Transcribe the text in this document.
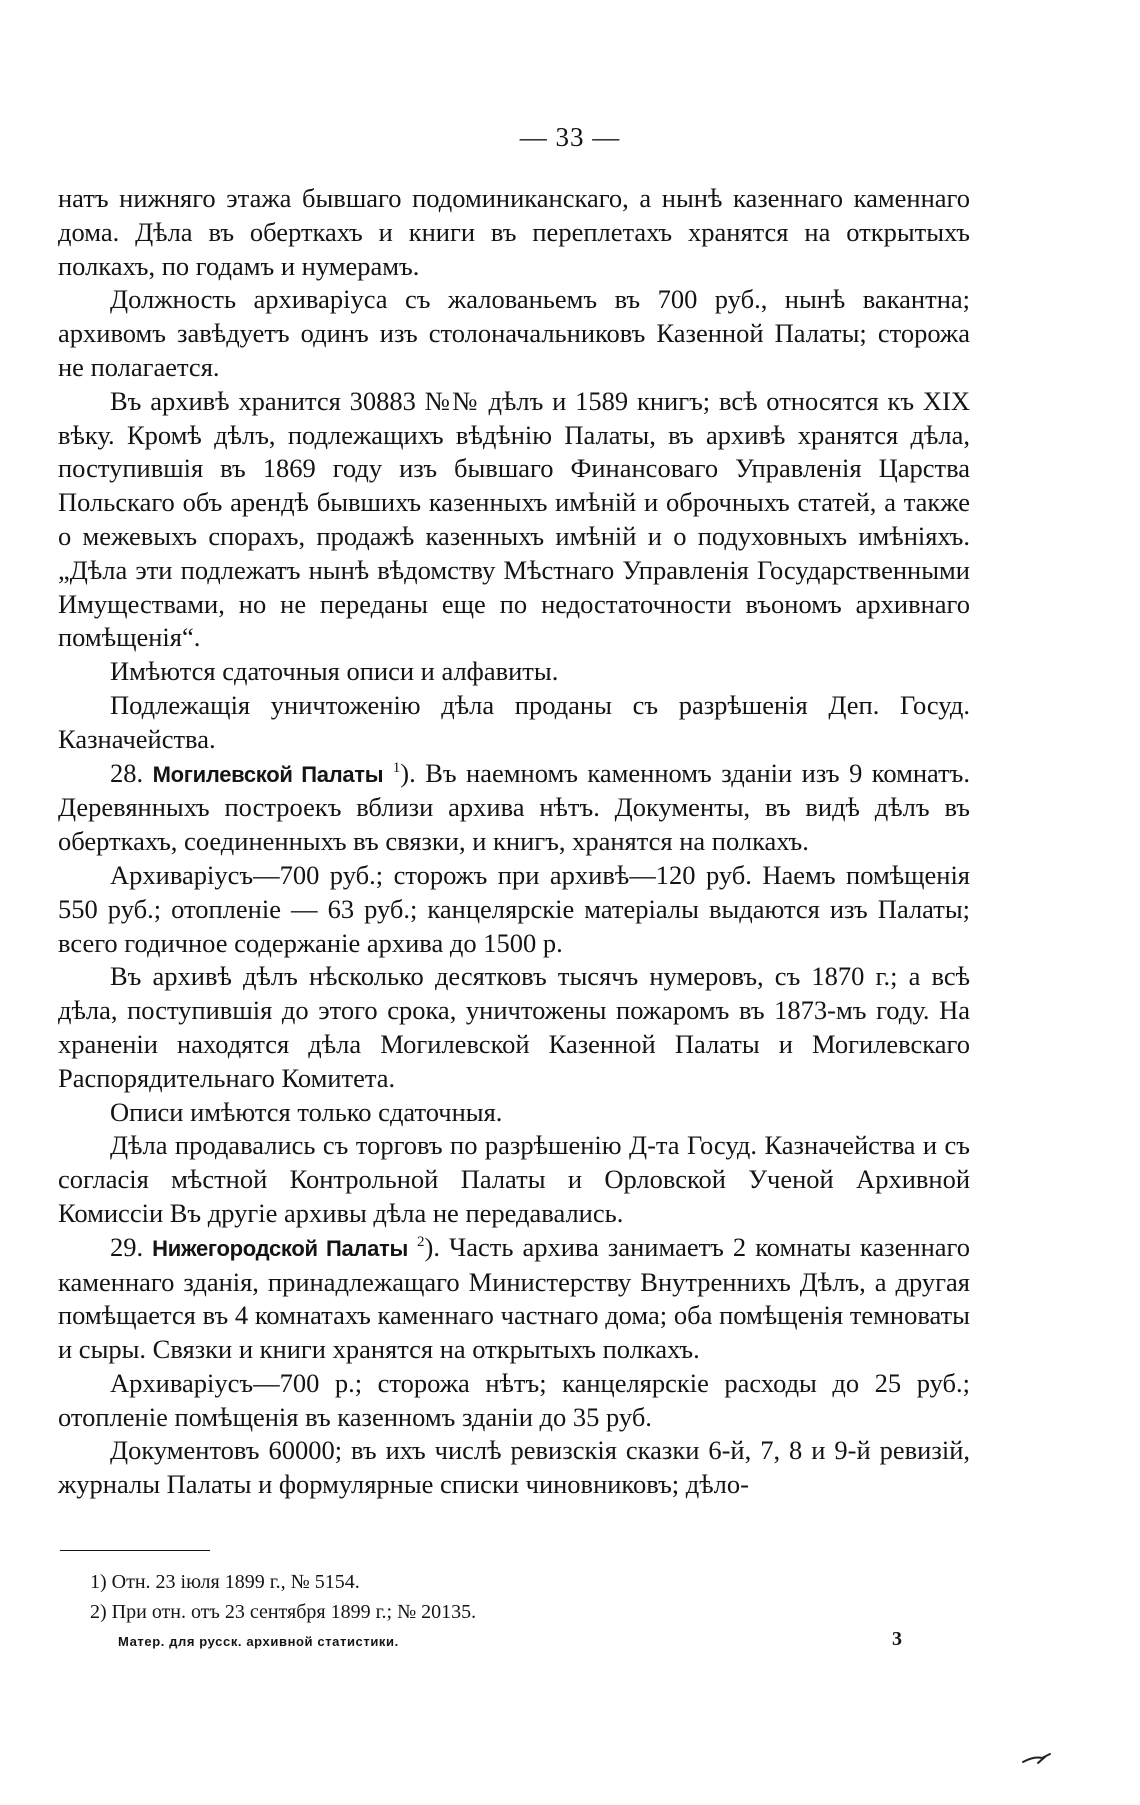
— 33 —

натъ нижняго этажа бывшаго подоминиканскаго, а нынѣ казеннаго каменнаго дома. Дѣла въ оберткахъ и книги въ переплетахъ хранятся на открытыхъ полкахъ, по годамъ и нумерамъ.

Должность архиваріуса съ жалованьемъ въ 700 руб., нынѣ вакантна; архивомъ завѣдуетъ одинъ изъ столоначальниковъ Казенной Палаты; сторожа не полагается.

Въ архивѣ хранится 30883 №№ дѣлъ и 1589 книгъ; всѣ относятся къ XIX вѣку. Кромѣ дѣлъ, подлежащихъ вѣдѣнію Палаты, въ архивѣ хранятся дѣла, поступившія въ 1869 году изъ бывшаго Финансоваго Управленія Царства Польскаго объ арендѣ бывшихъ казенныхъ имѣній и оброчныхъ статей, а также о межевыхъ спорахъ, продажѣ казенныхъ имѣній и о подуховныхъ имѣніяхъ. „Дѣла эти подлежатъ нынѣ вѣдомству Мѣстнаго Управленія Государственными Имуществами, но не переданы еще по недостаточности въономъ архивнаго помѣщенія“.

Имѣются сдаточныя описи и алфавиты.

Подлежащія уничтоженію дѣла проданы съ разрѣшенія Деп. Госуд. Казначейства.

28. Могилевской Палаты $^1$). Въ наемномъ каменномъ зданіи изъ 9 комнатъ. Деревянныхъ построекъ вблизи архива нѣтъ. Документы, въ видѣ дѣлъ въ оберткахъ, соединенныхъ въ связки, и книгъ, хранятся на полкахъ.

Архиваріусъ—700 руб.; сторожъ при архивѣ—120 руб. Наемъ помѣщенія 550 руб.; отопленіе — 63 руб.; канцелярскіе матеріалы выдаются изъ Палаты; всего годичное содержаніе архива до 1500 р.

Въ архивѣ дѣлъ нѣсколько десятковъ тысячъ нумеровъ, съ 1870 г.; а всѣ дѣла, поступившія до этого срока, уничтожены пожаромъ въ 1873-мъ году. На храненіи находятся дѣла Могилевской Казенной Палаты и Могилевскаго Распорядительнаго Комитета.

Описи имѣются только сдаточныя.

Дѣла продавались съ торговъ по разрѣшенію Д-та Госуд. Казначейства и съ согласія мѣстной Контрольной Палаты и Орловской Ученой Архивной Комиссіи Въ другіе архивы дѣла не передавались.

29. Нижегородской Палаты $^2$). Часть архива занимаетъ 2 комнаты казеннаго каменнаго зданія, принадлежащаго Министерству Внутреннихъ Дѣлъ, а другая помѣщается въ 4 комнатахъ каменнаго частнаго дома; оба помѣщенія темноваты и сыры. Связки и книги хранятся на открытыхъ полкахъ.

Архиваріусъ—700 р.; сторожа нѣтъ; канцелярскіе расходы до 25 руб.; отопленіе помѣщенія въ казенномъ зданіи до 35 руб.

Документовъ 60000; въ ихъ числѣ ревизскія сказки 6-й, 7, 8 и 9-й ревизій, журналы Палаты и формулярные списки чиновниковъ; дѣло-

1) Отн. 23 іюля 1899 г., № 5154.
2) При отн. отъ 23 сентября 1899 г.; № 20135.
Матер. для русск. архивной статистики.	3
